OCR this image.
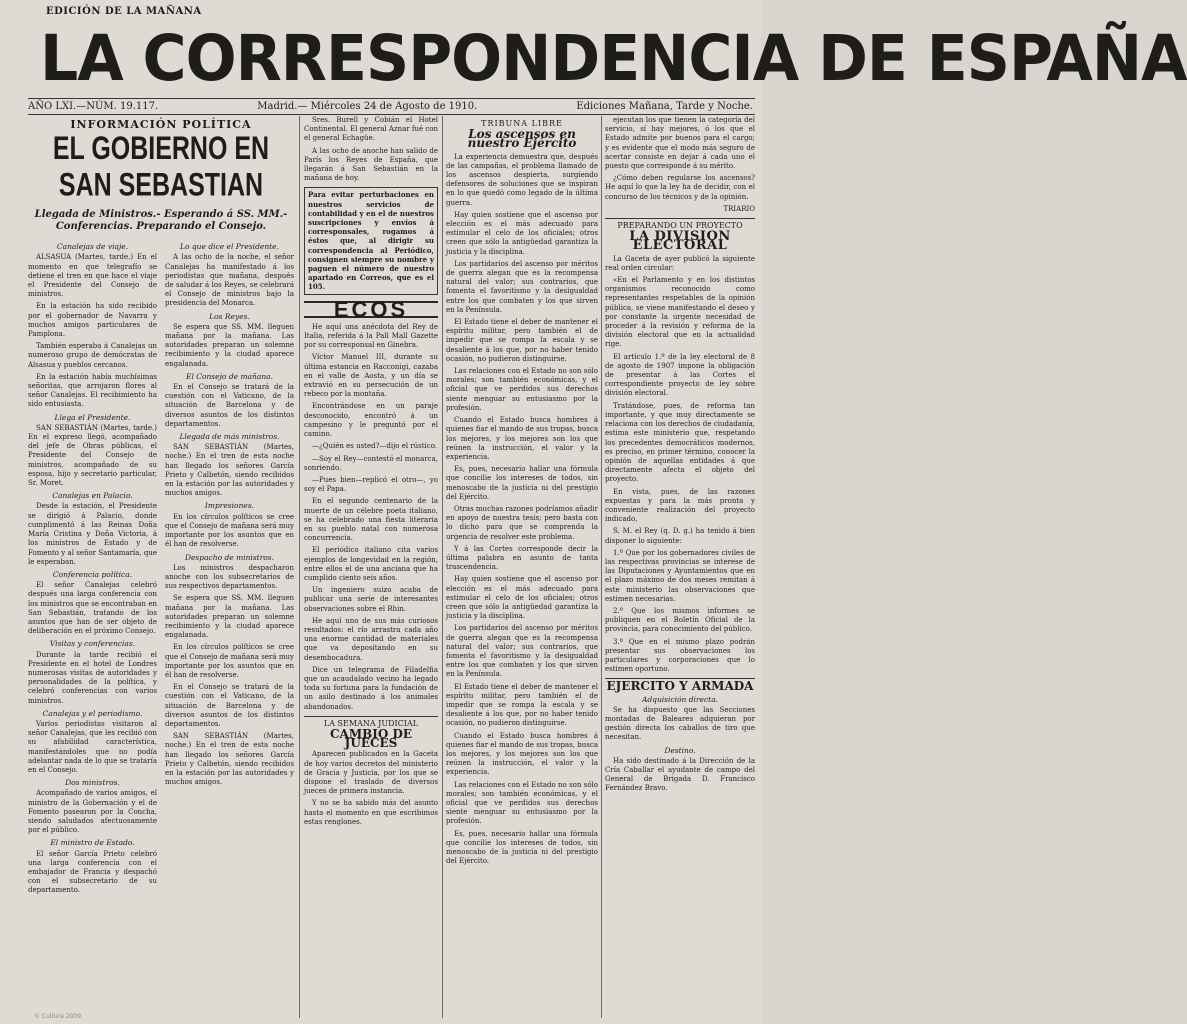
EDICIÓN DE LA MAÑANA
LA CORRESPONDENCIA DE ESPAÑA
AÑO LXI.—NÚM. 19.117.	Madrid.— Miércoles 24 de Agosto de 1910.	Ediciones Mañana, Tarde y Noche.
INFORMACIÓN POLÍTICA
EL GOBIERNO EN SAN SEBASTIAN
Llegada de Ministros.- Esperando á SS. MM.- Conferencias. Preparando el Consejo.
Canalejas de viaje.

ALSASUA (Martes, tarde.) En el momento en que telegrafío se detiene el tren en que hace el viaje el Presidente del Consejo de ministros.

En la estación ha sido recibido por el gobernador de Navarra y muchos amigos particulares de Pamplona.

También esperaba á Canalejas un numeroso grupo de demócratas de Alsasua y pueblos cercanos.

En la estación había muchísimas señoritas, que arrojaron flores al señor Canalejas. El recibimiento ha sido entusiasta.

Llega el Presidente.

SAN SEBASTIÁN (Martes, tarde.) En el expreso llegó, acompañado del jefe de Obras públicas, el Presidente del Consejo de ministros, acompañado de su esposa, hijo y secretario particular, Sr. Moret.

Canalejas en Palacio.

Desde la estación, el Presidente se dirigió á Palacio, donde cumplimentó á las Reinas Doña María Cristina y Doña Victoria, á los ministros de Estado y de Fomento y al señor Santamaría, que le esperaban.

Conferencia política.

El señor Canalejas celebró después una larga conferencia con los ministros que se encontraban en San Sebastián, tratando de los asuntos que han de ser objeto de deliberación en el próximo Consejo.

Visitas y conferencias.

Durante la tarde recibió el Presidente en el hotel de Londres numerosas visitas de autoridades y personalidades de la política, y celebró conferencias con varios ministros.

Canalejas y el periodismo.

Varios periodistas visitaron al señor Canalejas, que les recibió con su afabilidad característica, manifestándoles que no podía adelantar nada de lo que se trataría en el Consejo.

Dos ministros.

Acompañado de varios amigos, el ministro de la Gobernación y el de Fomento pasearon por la Concha, siendo saludados afectuosamente por el público.

El ministro de Estado.

El señor García Prieto celebró una larga conferencia con el embajador de Francia y despachó con el subsecretario de su departamento.

Lo que dice el Presidente.

A las ocho de la noche, el señor Canalejas ha manifestado á los periodistas que mañana, después de saludar á los Reyes, se celebrará el Consejo de ministros bajo la presidencia del Monarca.

Los Reyes.

Se espera que SS. MM. lleguen mañana por la mañana. Las autoridades preparan un solemne recibimiento y la ciudad aparece engalanada.

El Consejo de mañana.

En el Consejo se tratará de la cuestión con el Vaticano, de la situación de Barcelona y de diversos asuntos de los distintos departamentos.

Llegada de más ministros.

SAN SEBASTIÁN (Martes, noche.) En el tren de esta noche han llegado los señores García Prieto y Calbetón, siendo recibidos en la estación por las autoridades y muchos amigos.

Impresiones.

En los círculos políticos se cree que el Consejo de mañana será muy importante por los asuntos que en él han de resolverse.

Despacho de ministros.

Los ministros despacharon anoche con los subsecretarios de sus respectivos departamentos.

Se espera que SS. MM. lleguen mañana por la mañana. Las autoridades preparan un solemne recibimiento y la ciudad aparece engalanada.

En los círculos políticos se cree que el Consejo de mañana será muy importante por los asuntos que en él han de resolverse.

En el Consejo se tratará de la cuestión con el Vaticano, de la situación de Barcelona y de diversos asuntos de los distintos departamentos.

SAN SEBASTIÁN (Martes, noche.) En el tren de esta noche han llegado los señores García Prieto y Calbetón, siendo recibidos en la estación por las autoridades y muchos amigos.

Sres. Burell y Cobián el Hotel Continental. El general Aznar fué con el general Echagüe.

A las ocho de anoche han salido de París los Reyes de España, que llegarán á San Sebastián en la mañana de hoy.

Para evitar perturbaciones en nuestros servicios de contabilidad y en el de nuestros suscripciones y envíos á corresponsales, rogamos á éstos que, al dirigir su correspondencia al Periódico, consignen siempre su nombre y paguen el número de nuestro apartado en Correos, que es el 105.
ECOS

He aquí una anécdota del Rey de Italia, referida á la Pall Mall Gazette por su corresponsal en Ginebra.

Víctor Manuel III, durante su última estancia en Racconigi, cazaba en el valle de Aosta, y un día se extravió en su persecución de un rebeco por la montaña.

Encontrándose en un paraje desconocido, encontró á un campesino y le preguntó por el camino.

—¿Quién es usted?—dijo el rústico.

—Soy el Rey—contestó el monarca, sonriendo.

—Pues bien—replicó el otro—, yo soy el Papa.

En el segundo centenario de la muerte de un célebre poeta italiano, se ha celebrado una fiesta literaria en su pueblo natal con numerosa concurrencia.

El periódico italiano cita varios ejemplos de longevidad en la región, entre ellos el de una anciana que ha cumplido ciento seis años.

Un ingeniero suizo acaba de publicar una serie de interesantes observaciones sobre el Rhin.

He aquí uno de sus más curiosos resultados: el río arrastra cada año una enorme cantidad de materiales que va depositando en su desembocadura.

Dice un telegrama de Filadelfia que un acaudalado vecino ha legado toda su fortuna para la fundación de un asilo destinado á los animales abandonados.

LA SEMANA JUDICIAL
CAMBIO DE JUECES

Aparecen publicados en la Gaceta de hoy varios decretos del ministerio de Gracia y Justicia, por los que se dispone el traslado de diversos jueces de primera instancia.

Y no se ha sabido más del asunto hasta el momento en que escribimos estas renglones.

TRIBUNA LIBRE
Los ascensos en nuestro Ejército

La experiencia demuestra que, después de las campañas, el problema llamado de los ascensos despierta, surgiendo defensores de soluciones que se inspiran en lo que quedó como legado de la última guerra.

Hay quien sostiene que el ascenso por elección es el más adecuado para estimular el celo de los oficiales; otros creen que sólo la antigüedad garantiza la justicia y la disciplina.

Los partidarios del ascenso por méritos de guerra alegan que es la recompensa natural del valor; sus contrarios, que fomenta el favoritismo y la desigualdad entre los que combaten y los que sirven en la Península.

El Estado tiene el deber de mantener el espíritu militar, pero también el de impedir que se rompa la escala y se desaliente á los que, por no haber tenido ocasión, no pudieron distinguirse.

Las relaciones con el Estado no son sólo morales; son también económicas, y el oficial que ve perdidos sus derechos siente menguar su entusiasmo por la profesión.

Cuando el Estado busca hombres á quienes fiar el mando de sus tropas, busca los mejores, y los mejores son los que reúnen la instrucción, el valor y la experiencia.

Es, pues, necesario hallar una fórmula que concilie los intereses de todos, sin menoscabo de la justicia ni del prestigio del Ejército.

Otras muchas razones podríamos añadir en apoyo de nuestra tesis; pero basta con lo dicho para que se comprenda la urgencia de resolver este problema.

Y á las Cortes corresponde decir la última palabra en asunto de tanta trascendencia.

Hay quien sostiene que el ascenso por elección es el más adecuado para estimular el celo de los oficiales; otros creen que sólo la antigüedad garantiza la justicia y la disciplina.

Los partidarios del ascenso por méritos de guerra alegan que es la recompensa natural del valor; sus contrarios, que fomenta el favoritismo y la desigualdad entre los que combaten y los que sirven en la Península.

El Estado tiene el deber de mantener el espíritu militar, pero también el de impedir que se rompa la escala y se desaliente á los que, por no haber tenido ocasión, no pudieron distinguirse.

Cuando el Estado busca hombres á quienes fiar el mando de sus tropas, busca los mejores, y los mejores son los que reúnen la instrucción, el valor y la experiencia.

Las relaciones con el Estado no son sólo morales; son también económicas, y el oficial que ve perdidos sus derechos siente menguar su entusiasmo por la profesión.

Es, pues, necesario hallar una fórmula que concilie los intereses de todos, sin menoscabo de la justicia ni del prestigio del Ejército.

ejecutan los que tienen la categoría del servicio, sí hay mejores, ó los que el Estado admite por buenos para el cargo; y es evidente que el modo más seguro de acertar consiste en dejar á cada uno el puesto que corresponde á su mérito.

¿Cómo deben regularse los ascensos? He aquí lo que la ley ha de decidir, con el concurso de los técnicos y de la opinión.

TRIARIO
PREPARANDO UN PROYECTO
LA DIVISION ELECTORAL

La Gaceta de ayer publicó la siguiente real orden circular:

«En el Parlamento y en los distintos organismos reconocido como representantes respetables de la opinión pública, se viene manifestando el deseo y por constante la urgente necesidad de proceder á la revisión y reforma de la división electoral que en la actualidad rige.

El artículo 1.º de la ley electoral de 8 de agosto de 1907 impone la obligación de presentar á las Cortes el correspondiente proyecto de ley sobre división electoral.

Tratándose, pues, de reforma tan importante, y que muy directamente se relaciona con los derechos de ciudadanía, estima este ministerio que, respetando los precedentes democráticos modernos, es preciso, en primer término, conocer la opinión de aquellas entidades á que directamente afecta el objeto del proyecto.

En vista, pues, de las razones expuestas y para la más pronta y conveniente realización del proyecto indicado,

S. M. el Rey (q. D. g.) ha tenido á bien disponer lo siguiente:

1.º Que por los gobernadores civiles de las respectivas provincias se interese de las Diputaciones y Ayuntamientos que en el plazo máximo de dos meses remitan á este ministerio las observaciones que estimen necesarias.

2.º Que los mismos informes se publiquen en el Boletín Oficial de la provincia, para conocimiento del público.

3.º Que en el mismo plazo podrán presentar sus observaciones los particulares y corporaciones que lo estimen oportuno.

EJERCITO Y ARMADA
Adquisición directa.

Se ha dispuesto que las Secciones montadas de Baleares adquieran por gestión directa los caballos de tiro que necesitan.

Destino.

Ha sido destinado á la Dirección de la Cría Caballar el ayudante de campo del General de Brigada D. Francisco Fernández Bravo.

© Cultura 2009
